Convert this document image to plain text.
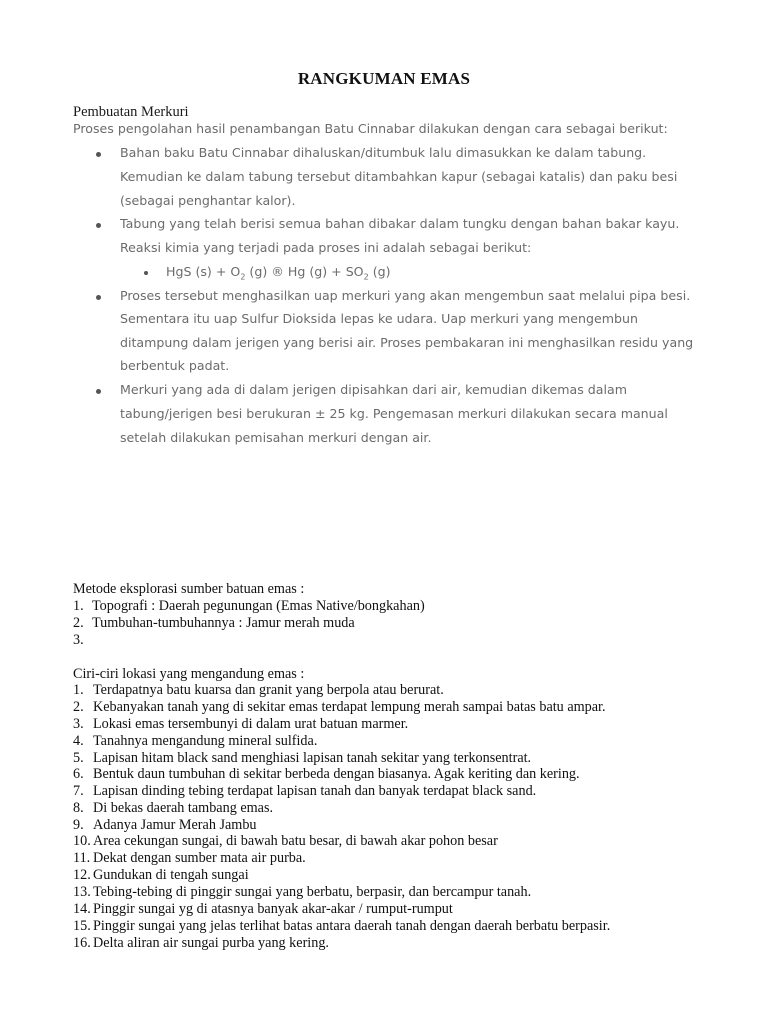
RANGKUMAN EMAS
Pembuatan Merkuri
Proses pengolahan hasil penambangan Batu Cinnabar dilakukan dengan cara sebagai berikut:
Bahan baku Batu Cinnabar dihaluskan/ditumbuk lalu dimasukkan ke dalam tabung.
Kemudian ke dalam tabung tersebut ditambahkan kapur (sebagai katalis) dan paku besi
(sebagai penghantar kalor).
Tabung yang telah berisi semua bahan dibakar dalam tungku dengan bahan bakar kayu.
Reaksi kimia yang terjadi pada proses ini adalah sebagai berikut:
HgS $(s) + O_2$ (g) ® Hg $(g) + SO_2$ (g)
Proses tersebut menghasilkan uap merkuri yang akan mengembun saat melalui pipa besi.
Sementara itu uap Sulfur Dioksida lepas ke udara. Uap merkuri yang mengembun
ditampung dalam jerigen yang berisi air. Proses pembakaran ini menghasilkan residu yang
berbentuk padat.
Merkuri yang ada di dalam jerigen dipisahkan dari air, kemudian dikemas dalam
tabung/jerigen besi berukuran ± 25 kg. Pengemasan merkuri dilakukan secara manual
setelah dilakukan pemisahan merkuri dengan air.
Metode eksplorasi sumber batuan emas :
1. Topografi : Daerah pegunungan (Emas Native/bongkahan)
2. Tumbuhan-tumbuhannya : Jamur merah muda
3.
Ciri-ciri lokasi yang mengandung emas :
1. Terdapatnya batu kuarsa dan granit yang berpola atau berurat.
2. Kebanyakan tanah yang di sekitar emas terdapat lempung merah sampai batas batu ampar.
3. Lokasi emas tersembunyi di dalam urat batuan marmer.
4. Tanahnya mengandung mineral sulfida.
5. Lapisan hitam black sand menghiasi lapisan tanah sekitar yang terkonsentrat.
6. Bentuk daun tumbuhan di sekitar berbeda dengan biasanya. Agak keriting dan kering.
7. Lapisan dinding tebing terdapat lapisan tanah dan banyak terdapat black sand.
8. Di bekas daerah tambang emas.
9. Adanya Jamur Merah Jambu
10. Area cekungan sungai, di bawah batu besar, di bawah akar pohon besar
11. Dekat dengan sumber mata air purba.
12. Gundukan di tengah sungai
13. Tebing-tebing di pinggir sungai yang berbatu, berpasir, dan bercampur tanah.
14. Pinggir sungai yg di atasnya banyak akar-akar / rumput-rumput
15. Pinggir sungai yang jelas terlihat batas antara daerah tanah dengan daerah berbatu berpasir.
16. Delta aliran air sungai purba yang kering.
